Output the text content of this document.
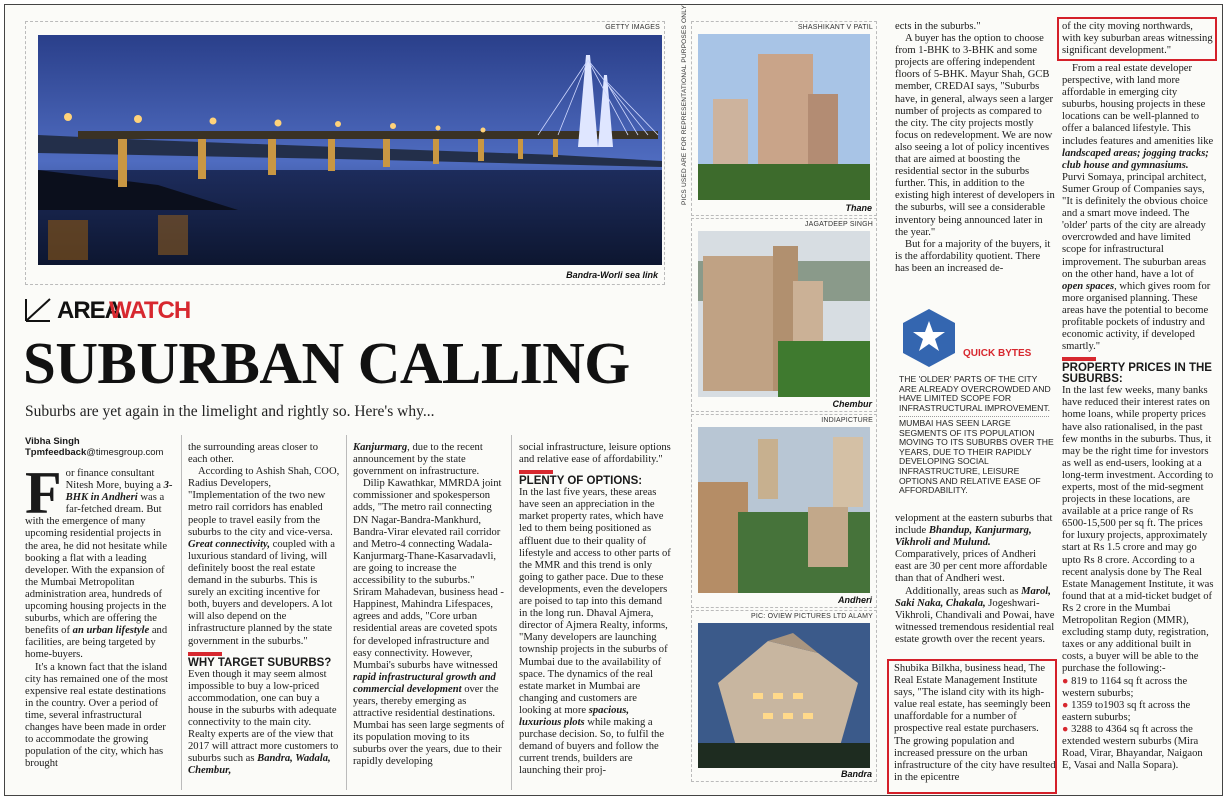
GETTY IMAGES
Bandra-Worli sea link
AREA
WATCH
SUBURBAN CALLING
Suburbs are yet again in the limelight and rightly so. Here's why...
Vibha Singh
Tpmfeedback@timesgroup.com
F or finance consultant Nitesh More, buying a 3-BHK in Andheri was a far-fetched dream. But with the emergence of many upcoming residential projects in the area, he did not hesitate while booking a flat with a leading developer. With the expansion of the Mumbai Metropolitan administration area, hundreds of upcoming housing projects in the suburbs, which are offering the benefits of an urban lifestyle and facilities, are being targeted by home-buyers.

It's a known fact that the island city has remained one of the most expensive real estate destinations in the country. Over a period of time, several infrastructural changes have been made in order to accommodate the growing population of the city, which has brought

the surrounding areas closer to each other.

According to Ashish Shah, COO, Radius Developers, "Implementation of the two new metro rail corridors has enabled people to travel easily from the suburbs to the city and vice-versa. Great connectivity, coupled with a luxurious standard of living, will definitely boost the real estate demand in the suburbs. This is surely an exciting incentive for both, buyers and developers. A lot will also depend on the infrastructure planned by the state government in the suburbs."

WHY TARGET SUBURBS?

Even though it may seem almost impossible to buy a low-priced accommodation, one can buy a house in the suburbs with adequate connectivity to the main city. Realty experts are of the view that 2017 will attract more customers to suburbs such as Bandra, Wadala, Chembur,

Kanjurmarg, due to the recent announcement by the state government on infrastructure.

Dilip Kawathkar, MMRDA joint commissioner and spokesperson adds, "The metro rail connecting DN Nagar-Bandra-Mankhurd, Bandra-Virar elevated rail corridor and Metro-4 connecting Wadala-Kanjurmarg-Thane-Kasarvadavli, are going to increase the accessibility to the suburbs." Sriram Mahadevan, business head - Happinest, Mahindra Lifespaces, agrees and adds, "Core urban residential areas are coveted spots for developed infrastructure and easy connectivity. However, Mumbai's suburbs have witnessed rapid infrastructural growth and commercial development over the years, thereby emerging as attractive residential destinations. Mumbai has seen large segments of its population moving to its suburbs over the years, due to their rapidly developing

social infrastructure, leisure options and relative ease of affordability."

PLENTY OF OPTIONS:

In the last five years, these areas have seen an appreciation in the market property rates, which have led to them being positioned as affluent due to their quality of lifestyle and access to other parts of the MMR and this trend is only going to gather pace. Due to these developments, even the developers are poised to tap into this demand in the long run. Dhaval Ajmera, director of Ajmera Realty, informs, "Many developers are launching township projects in the suburbs of Mumbai due to the availability of space. The dynamics of the real estate market in Mumbai are changing and customers are looking at more spacious, luxurious plots while making a purchase decision. So, to fulfil the demand of buyers and follow the current trends, builders are launching their proj-

PICS USED ARE FOR REPRESENTATIONAL PURPOSES ONLY	SHASHIKANT V PATIL
Thane
JAGATDEEP SINGH
Chembur
INDIAPICTURE
Andheri
PIC: OVIEW PICTURES LTD ALAMY
Bandra

ects in the suburbs."

A buyer has the option to choose from 1-BHK to 3-BHK and some projects are offering independent floors of 5-BHK. Mayur Shah, GCB member, CREDAI says, "Suburbs have, in general, always seen a larger number of projects as compared to the city. The city projects mostly focus on redevelopment. We are now also seeing a lot of policy incentives that are aimed at boosting the residential sector in the suburbs further. This, in addition to the existing high interest of developers in the suburbs, will see a considerable inventory being announced later in the year."

But for a majority of the buyers, it is the affordability quotient. There has been an increased de-

QUICK BYTES
THE 'OLDER' PARTS OF THE CITY ARE ALREADY OVERCROWDED AND HAVE LIMITED SCOPE FOR INFRASTRUCTURAL IMPROVEMENT.
MUMBAI HAS SEEN LARGE SEGMENTS OF ITS POPULATION MOVING TO ITS SUBURBS OVER THE YEARS, DUE TO THEIR RAPIDLY DEVELOPING SOCIAL INFRASTRUCTURE, LEISURE OPTIONS AND RELATIVE EASE OF AFFORDABILITY.

velopment at the eastern suburbs that include Bhandup, Kanjurmarg, Vikhroli and Mulund. Comparatively, prices of Andheri east are 30 per cent more affordable than that of Andheri west.

Additionally, areas such as Marol, Saki Naka, Chakala, Jogeshwari-Vikhroli, Chandivali and Powai, have witnessed tremendous residential real estate growth over the recent years.

Shubika Bilkha, business head, The Real Estate Management Institute says, "The island city with its high-value real estate, has seemingly been unaffordable for a number of prospective real estate purchasers. The growing population and increased pressure on the urban infrastructure of the city have resulted in the epicentre

of the city moving northwards, with key suburban areas witnessing significant development."

From a real estate developer perspective, with land more affordable in emerging city suburbs, housing projects in these locations can be well-planned to offer a balanced lifestyle. This includes features and amenities like landscaped areas; jogging tracks; club house and gymnasiums. Purvi Somaya, principal architect, Sumer Group of Companies says, "It is definitely the obvious choice and a smart move indeed. The 'older' parts of the city are already overcrowded and have limited scope for infrastructural improvement. The suburban areas on the other hand, have a lot of open spaces, which gives room for more organised planning. These areas have the potential to become profitable pockets of industry and economic activity, if developed smartly."

PROPERTY PRICES IN THE SUBURBS:

In the last few weeks, many banks have reduced their interest rates on home loans, while property prices have also rationalised, in the past few months in the suburbs. Thus, it may be the right time for investors as well as end-users, looking at a long-term investment. According to experts, most of the mid-segment projects in these locations, are available at a price range of Rs 6500-15,500 per sq ft. The prices for luxury projects, approximately start at Rs 1.5 crore and may go upto Rs 8 crore. According to a recent analysis done by The Real Estate Management Institute, it was found that at a mid-ticket budget of Rs 2 crore in the Mumbai Metropolitan Region (MMR), excluding stamp duty, registration, taxes or any additional built in costs, a buyer will be able to the purchase the following:-

● 819 to 1164 sq ft across the western suburbs;

● 1359 to1903 sq ft across the eastern suburbs;

● 3288 to 4364 sq ft across the extended western suburbs (Mira Road, Virar, Bhayandar, Naigaon E, Vasai and Nalla Sopara).
